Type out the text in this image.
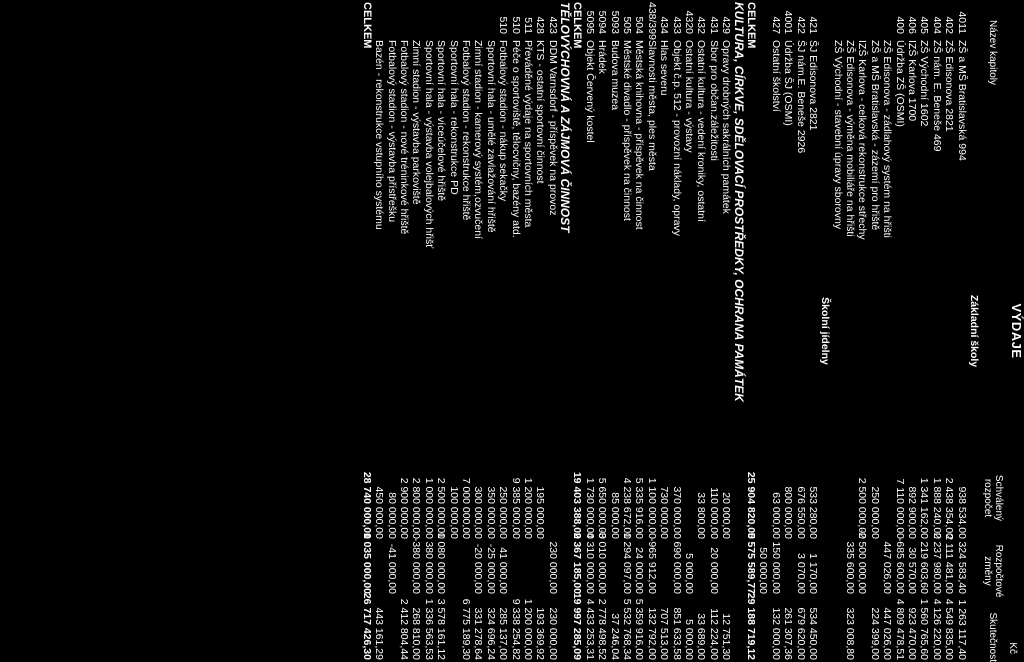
VÝDAJE
Kč
Název kapitoly
Schválený rozpočet
Rozpočtové změny
Skutečnost
Základní školy
4011
ZŠ a MŠ Bratislavská 994
938 534,00
324 583,40
1 263 117,40
402
ZŠ Edisonova 2821
2 438 354,00
2 111 481,00
4 549 835,00
404
ZŠ nám. E. Beneše 469
1 888 240,00
2 237 980,00
4 126 220,00
405
ZŠ Východní 1602
1 341 162,00
219 603,60
1 560 765,60
406
IZŠ Karlova 1700
892 900,00
30 570,00
923 470,00
400
Údržba ZŠ (OSMI)
7 110 000,00
-685 600,00
4 809 478,51
ZŠ Edisonova - zádlahový systém na hřišti
447 026,00
447 026,00
ZŠ a MŠ Bratislavská - zázemí pro hřiště
250 000,00
224 399,00
IZŠ Karlova - celková rekonstrukce střechy
2 500 000,00
-2 500 000,00
ZŠ Edisonova - výměna mobiliáře na hřišti
335 600,00
323 008,80
ZŠ Východní - stavební úpravy sborovny
Školní jídelny
421
ŠJ Edisonova 2821
533 280,00
1 170,00
534 450,00
422
ŠJ nám.E. Beneše 2926
676 550,00
3 070,00
679 620,00
4001
Údržba ŠJ (OSMI)
800 000,00
261 307,36
427
Ostatní školství
63 000,00
150 000,00
132 000,00
50 000,00
CELKEM
25 904 820,00
5 575 589,77
29 188 719,12
KULTURA, CÍRKVE, SDĚLOVACÍ PROSTŘEDKY, OCHRANA PAMÁTEK
429
Opravy drobných sakrálních památek
20 000,00
12 751,30
431
Sbor pro občan.záležitosti
110 000,00
20 000,00
112 224,00
432
Ostatní kultura - vedení kroniky, ostatní
33 800,00
33 689,00
4320
Ostatní kultura - výstavy
5 000,00
5 000,00
433
Objekt č.p. 512 - provozní náklady, opravy
370 000,00
690 000,00
851 633,58
434
Hlas severu
730 000,00
707 513,00
438/399
Slavnosti města, ples města
1 100 000,00
-965 912,00
132 792,00
504
Městská knihovna - příspěvek na činnost
5 335 916,00
24 000,00
5 359 916,00
505
Městské divadlo - příspěvek na činnost
4 238 672,00
1 294 097,00
5 532 768,34
5093
Budova muzea
85 000,00
37 246,04
5094
Hrádek
5 650 000,00
-3 010 000,00
2 778 498,52
5095
Objekt Červený kostel
1 730 000,00
4 310 000,00
4 433 253,31
CELKEM
19 403 388,00
2 367 185,00
19 997 285,09
TĚLOVÝCHOVNÁ A ZÁJMOVÁ ČINNOST
423
DDM Varnsdorf - příspěvek na provoz
230 000,00
230 000,00
428
KTS - ostatní sportovní činnost
195 000,00
193 369,92
511
Převáděné výdaje na sportovních města
1 200 000,00
1 200 000,00
510
Péče o sportoviště, tělocvičny, bazény atd.
9 385 000,00
9 338 254,82
510
Fotbalový stadion - nákup sekačky
250 000,00
41 000,00
285 137,00
Sportovní hala - umělé zavlažování hřiště
350 000,00
-25 000,00
324 696,24
Zimní stadion - kamerový systém,ozvučení
300 000,00
-20 000,00
331 278,64
Fotbalový stadion - rekonstrukce hřiště
7 000 000,00
6 775 189,30
Sportovní hala - rekonstrukce PD
100 000,00
Sportovní hala - víceúčelové hřiště
2 500 000,00
1 080 000,00
3 578 161,12
Sportovní hala - výstavba volejbalových hřišť
1 000 000,00
380 000,00
1 336 563,53
Zimní stadion - výstavba parkoviště
2 800 000,00
-380 000,00
268 810,00
Fotbalový stadion - nové tréninkové hřiště
2 900 000,00
2 412 804,44
Fotbalový stadion - výstavba přístřešku
80 000,00
-41 000,00
Bazén - rekonstrukce vstupního systému
450 000,00
443 161,29
CELKEM
28 740 000,00
1 035 000,00
26 717 426,30
